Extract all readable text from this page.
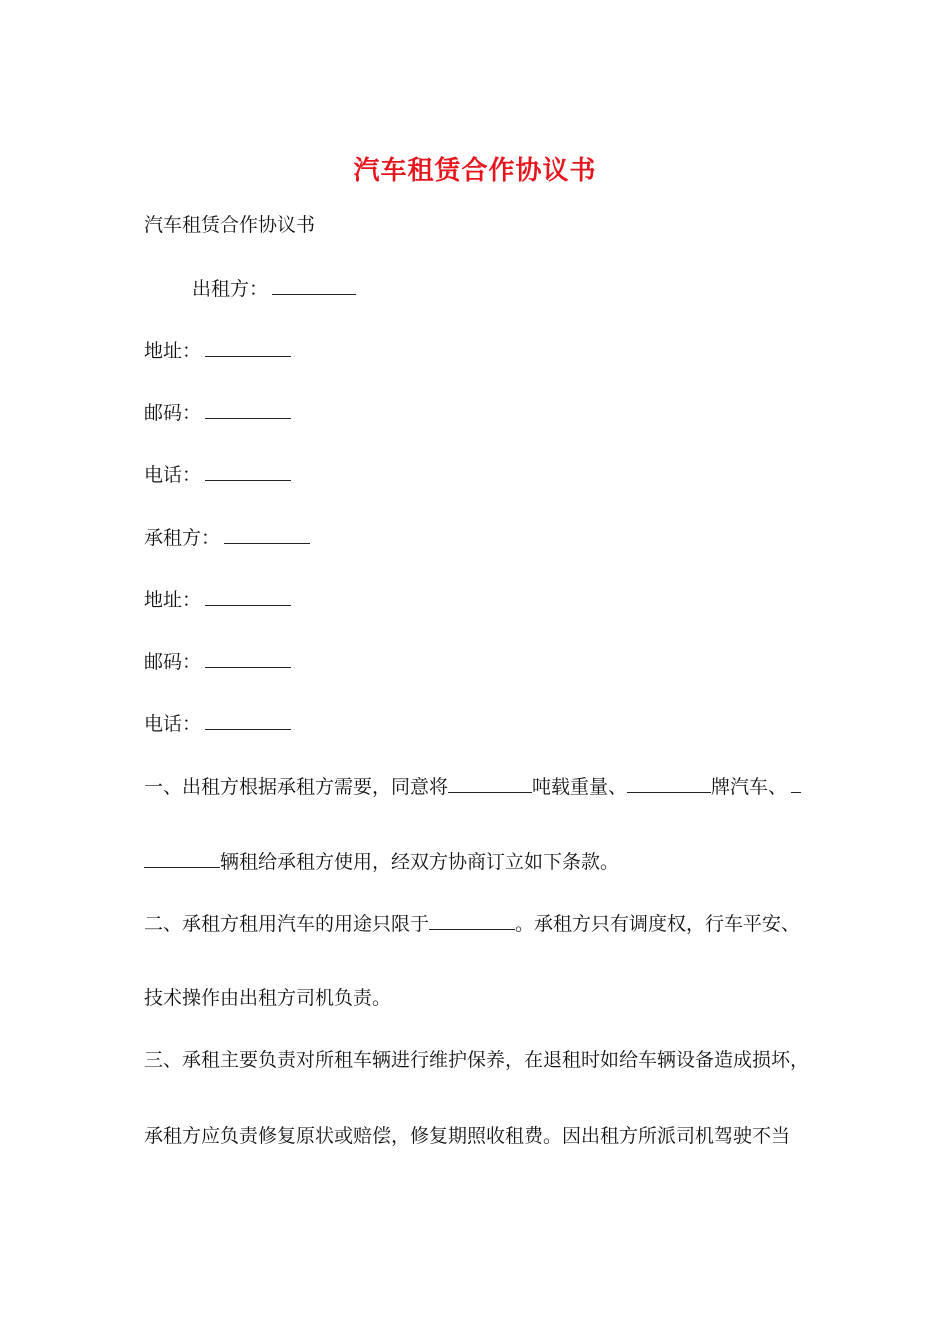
汽车租赁合作协议书
汽车租赁合作协议书
出租方：
地址：
邮码：
电话：
承租方：
地址：
邮码：
电话：
一、出租方根据承租方需要，同意将	吨载重量、	牌汽车、
辆租给承租方使用，经双方协商订立如下条款。
二、承租方租用汽车的用途只限于	。承租方只有调度权，行车平安、
技术操作由出租方司机负责。
三、承租主要负责对所租车辆进行维护保养，在退租时如给车辆设备造成损坏，
承租方应负责修复原状或赔偿，修复期照收租费。因出租方所派司机驾驶不当
